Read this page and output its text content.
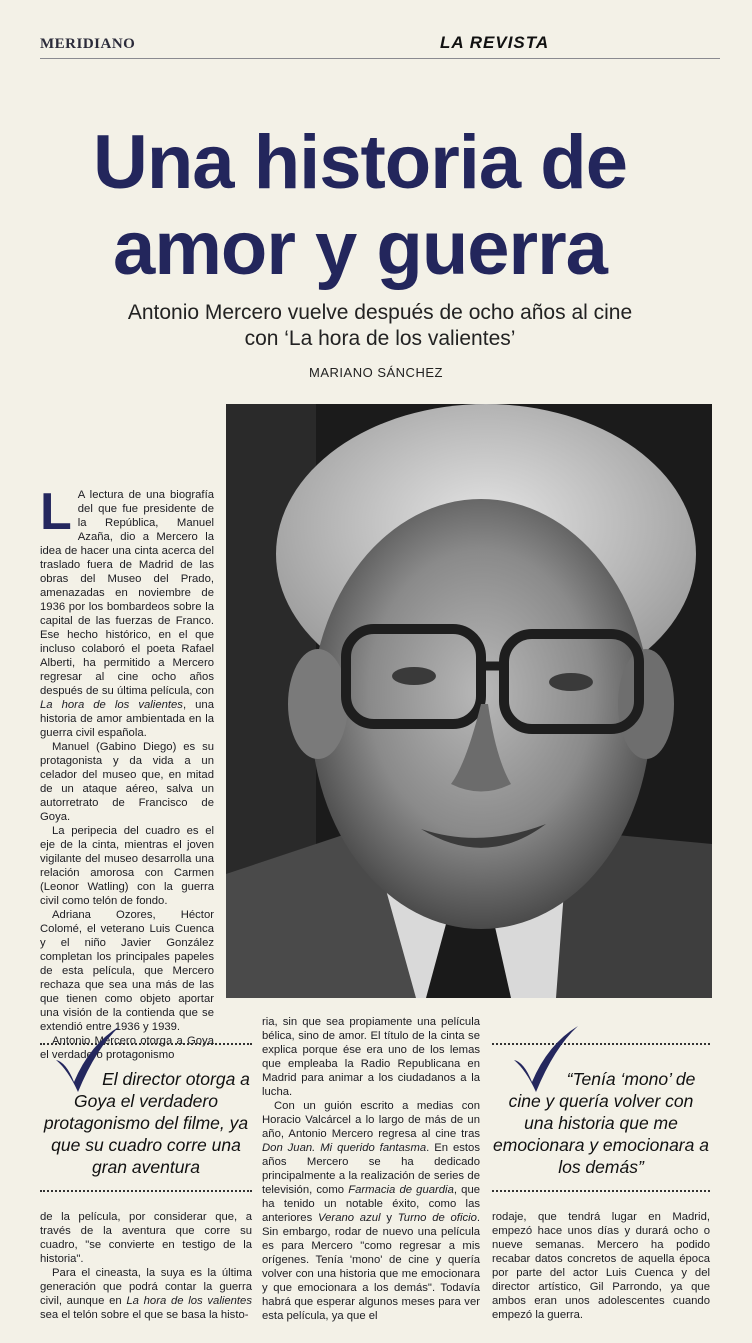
MERIDIANO	LA REVISTA
Una historia de
amor y guerra
Antonio Mercero vuelve después de ocho años al cine
con ‘La hora de los valientes’
MARIANO SÁNCHEZ

L A lectura de una biografía del que fue presidente de la República, Manuel Azaña, dio a Mercero la idea de hacer una cinta acerca del traslado fuera de Madrid de las obras del Museo del Prado, amenazadas en noviembre de 1936 por los bombardeos sobre la capital de las fuerzas de Franco. Ese hecho histórico, en el que incluso colaboró el poeta Rafael Alberti, ha permitido a Mercero regresar al cine ocho años después de su última película, con La hora de los valientes, una historia de amor ambientada en la guerra civil española.

Manuel (Gabino Diego) es su protagonista y da vida a un celador del museo que, en mitad de un ataque aéreo, salva un autorretrato de Francisco de Goya.

La peripecia del cuadro es el eje de la cinta, mientras el joven vigilante del museo desarrolla una relación amorosa con Carmen (Leonor Watling) con la guerra civil como telón de fondo.

Adriana Ozores, Héctor Colomé, el veterano Luis Cuenca y el niño Javier González completan los principales papeles de esta película, que Mercero rechaza que sea una más de las que tienen como objeto aportar una visión de la contienda que se extendió entre 1936 y 1939.

Antonio Mercero otorga a Goya el verdadero protagonismo

El director otorga a Goya el verdadero protagonismo del filme, ya que su cuadro corre una gran aventura

de la película, por considerar que, a través de la aventura que corre su cuadro, "se convierte en testigo de la historia".

Para el cineasta, la suya es la última generación que podrá contar la guerra civil, aunque en La hora de los valientes sea el telón sobre el que se basa la histo-

ria, sin que sea propiamente una película bélica, sino de amor. El título de la cinta se explica porque ése era uno de los lemas que empleaba la Radio Republicana en Madrid para animar a los ciudadanos a la lucha.

Con un guión escrito a medias con Horacio Valcárcel a lo largo de más de un año, Antonio Mercero regresa al cine tras Don Juan. Mi querido fantasma. En estos años Mercero se ha dedicado principalmente a la realización de series de televisión, como Farmacia de guardia, que ha tenido un notable éxito, como las anteriores Verano azul y Turno de oficio. Sin embargo, rodar de nuevo una película es para Mercero "como regresar a mis orígenes. Tenía 'mono' de cine y quería volver con una historia que me emocionara y que emocionara a los demás". Todavía habrá que esperar algunos meses para ver esta película, ya que el

“Tenía ‘mono’ de cine y quería volver con una historia que me emocionara y emocionara a los demás”

rodaje, que tendrá lugar en Madrid, empezó hace unos días y durará ocho o nueve semanas. Mercero ha podido recabar datos concretos de aquella época por parte del actor Luis Cuenca y del director artístico, Gil Parrondo, ya que ambos eran unos adolescentes cuando empezó la guerra.
